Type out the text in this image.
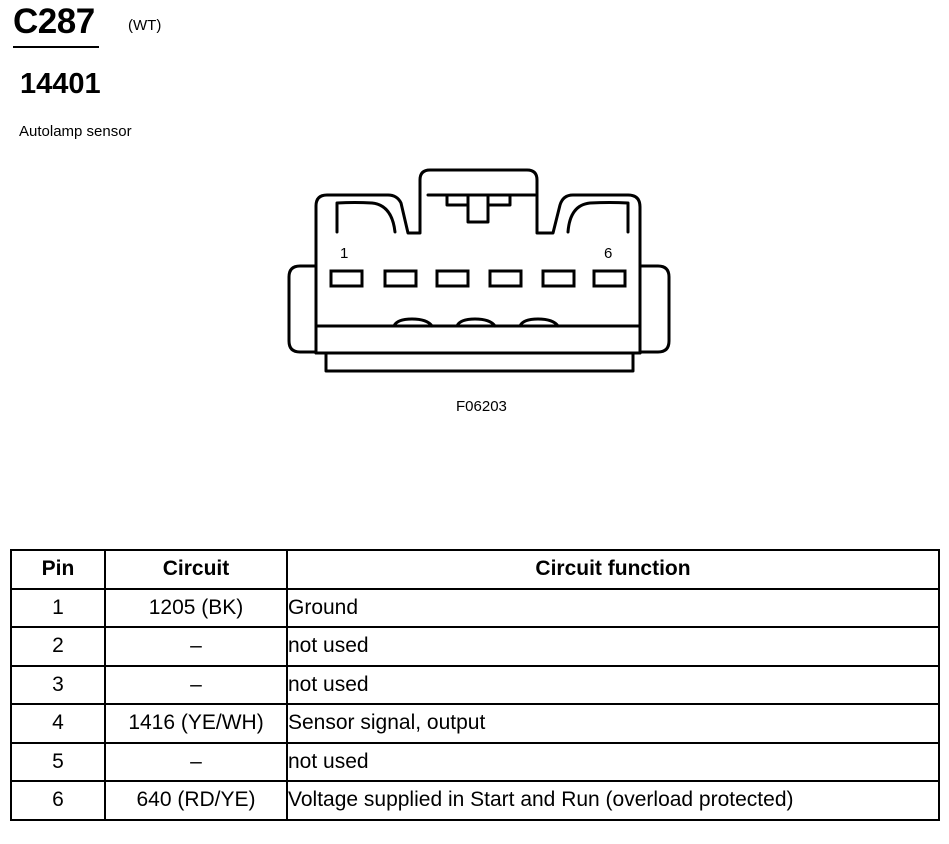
C287 (WT)
14401
Autolamp sensor
1	6
F06203
Pin	Circuit	Circuit function
1	1205 (BK)	Ground
2	–	not used
3	–	not used
4	1416 (YE/WH)	Sensor signal, output
5	–	not used
6	640 (RD/YE)	Voltage supplied in Start and Run (overload protected)
